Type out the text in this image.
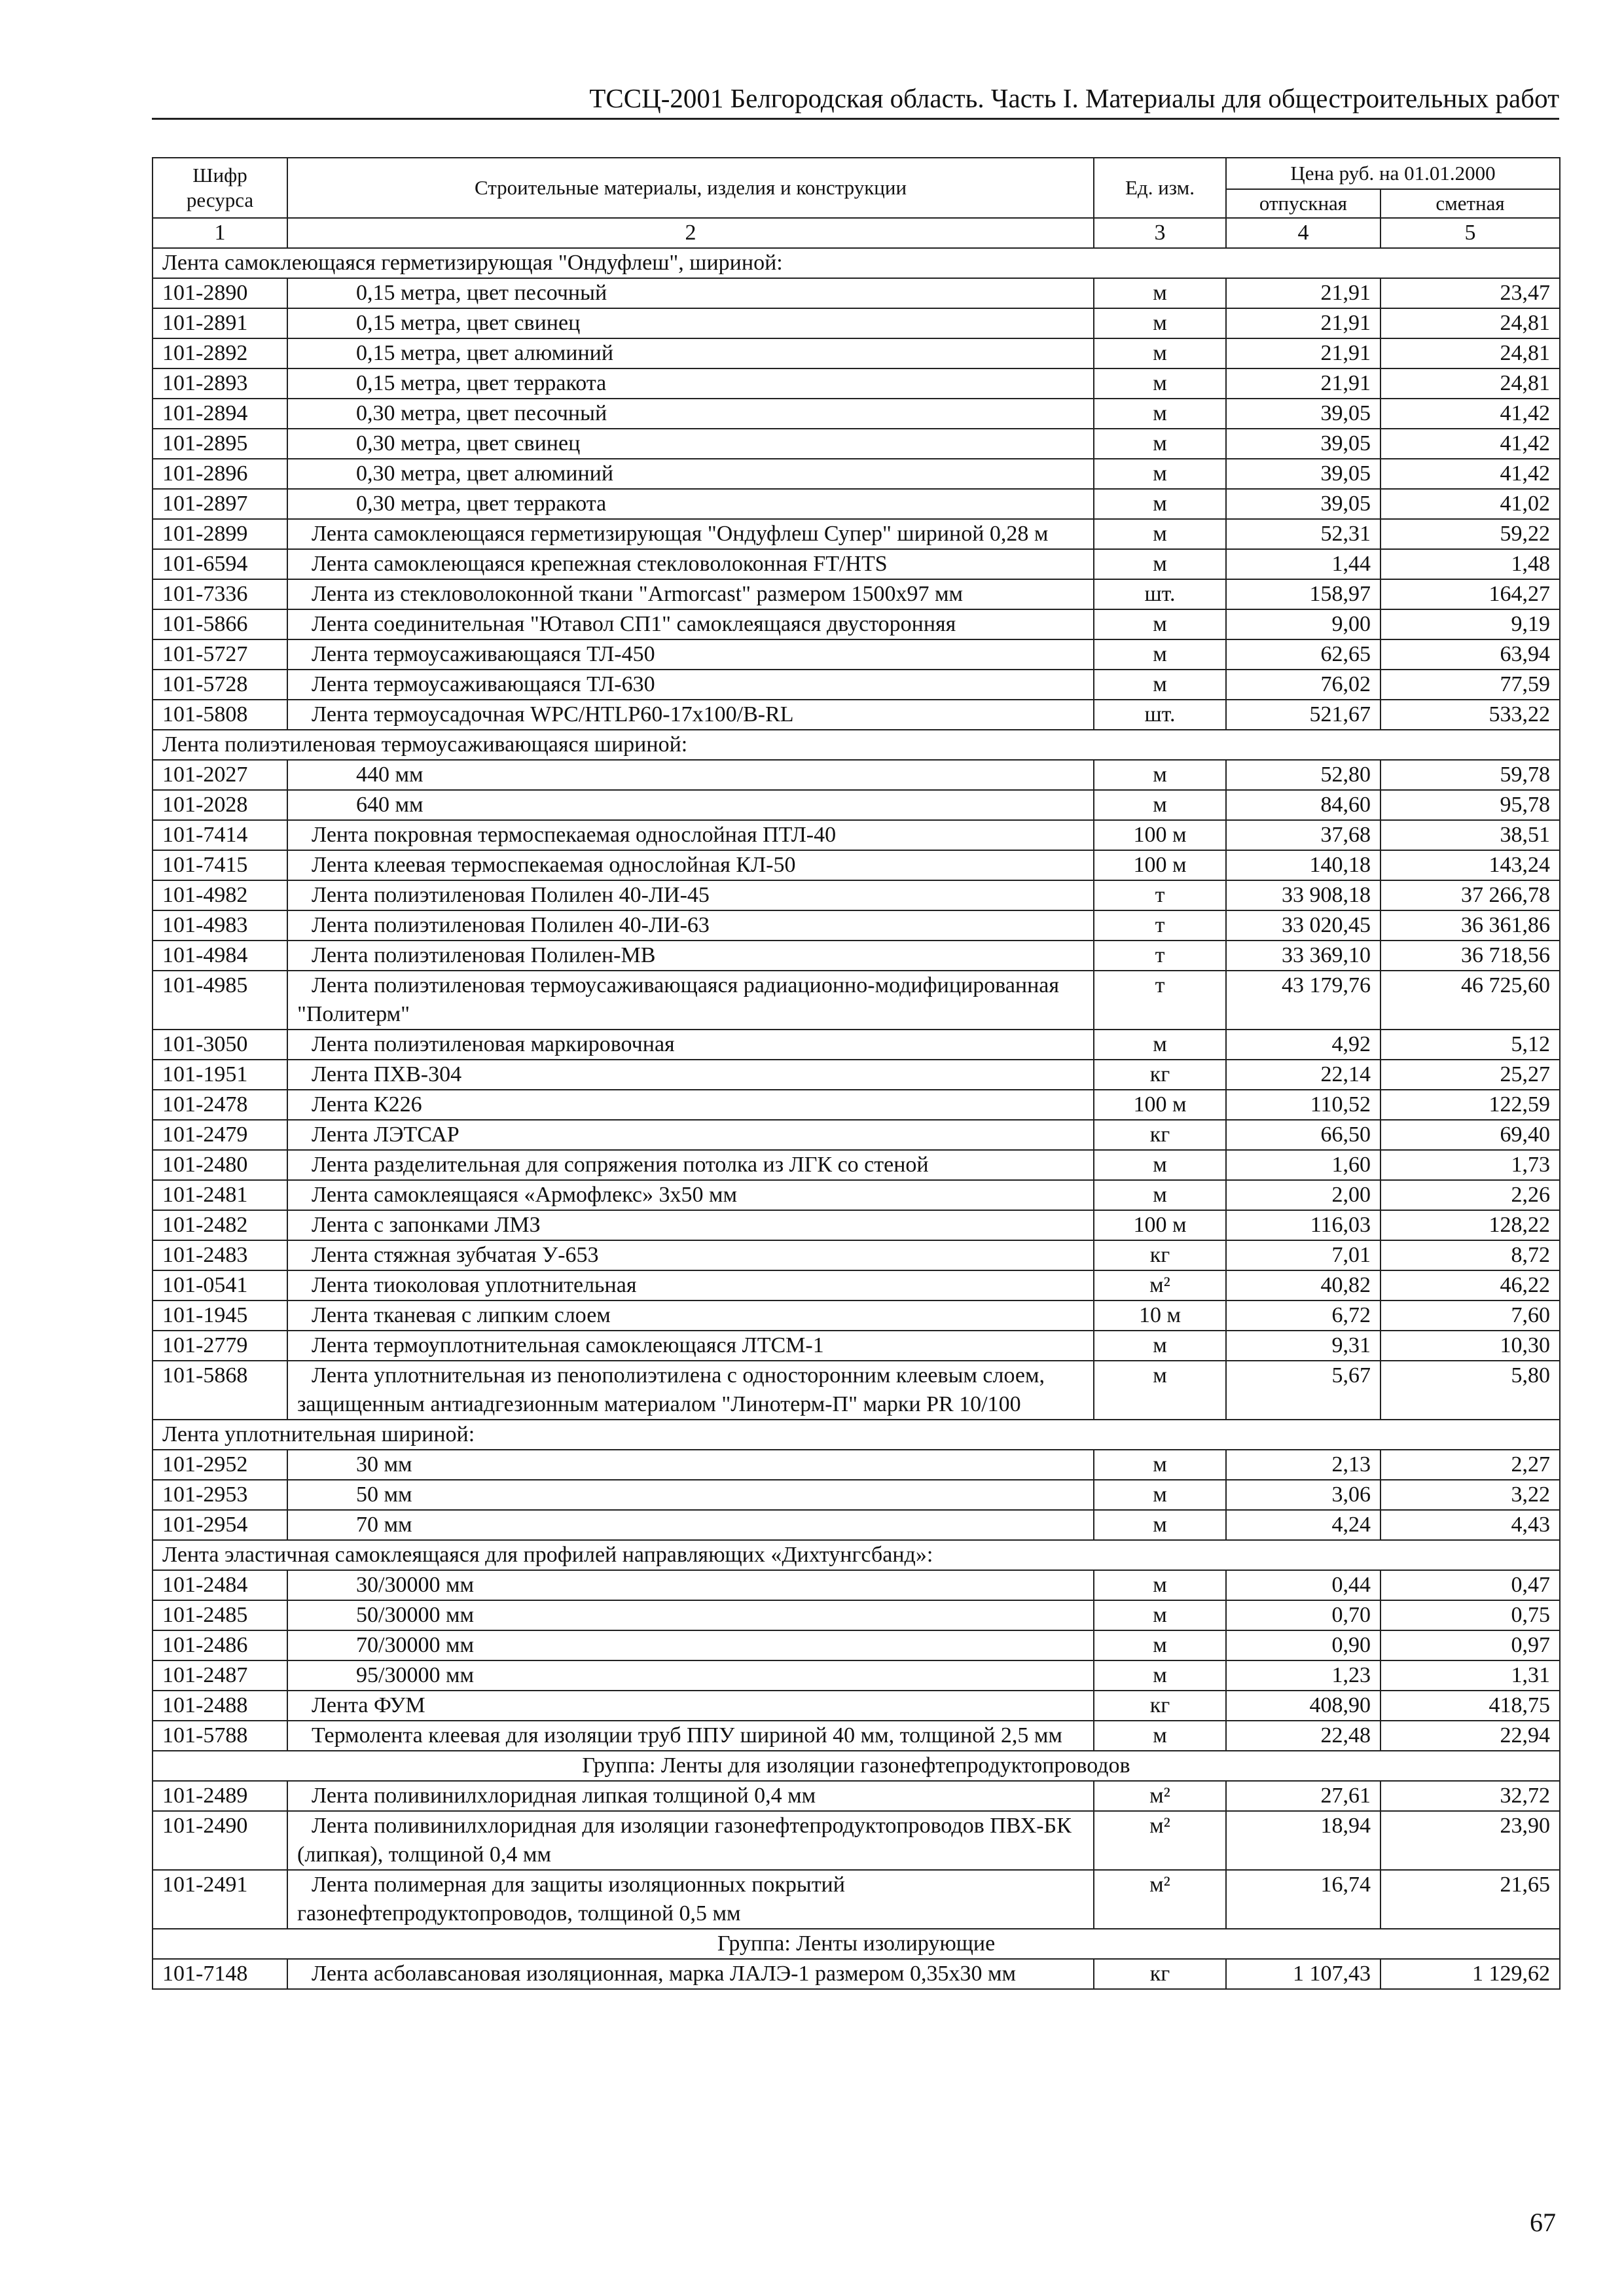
ТССЦ-2001 Белгородская область. Часть I. Материалы для общестроительных работ
Шифр ресурса	Строительные материалы, изделия и конструкции	Ед. изм.	Цена руб. на 01.01.2000	
			отпускная	сметная
1	2	3	4	5
Лента самоклеющаяся герметизирующая "Ондуфлеш", шириной:				
101-2890	0,15 метра, цвет песочный	м	21,91	23,47
101-2891	0,15 метра, цвет свинец	м	21,91	24,81
101-2892	0,15 метра, цвет алюминий	м	21,91	24,81
101-2893	0,15 метра, цвет терракота	м	21,91	24,81
101-2894	0,30 метра, цвет песочный	м	39,05	41,42
101-2895	0,30 метра, цвет свинец	м	39,05	41,42
101-2896	0,30 метра, цвет алюминий	м	39,05	41,42
101-2897	0,30 метра, цвет терракота	м	39,05	41,02
101-2899	Лента самоклеющаяся герметизирующая "Ондуфлеш Супер" шириной 0,28 м	м	52,31	59,22
101-6594	Лента самоклеющаяся крепежная стекловолоконная FT/HTS	м	1,44	1,48
101-7336	Лента из стекловолоконной ткани "Armorcast" размером 1500х97 мм	шт.	158,97	164,27
101-5866	Лента соединительная "Ютавол СП1" самоклеящаяся двусторонняя	м	9,00	9,19
101-5727	Лента термоусаживающаяся ТЛ-450	м	62,65	63,94
101-5728	Лента термоусаживающаяся ТЛ-630	м	76,02	77,59
101-5808	Лента термоусадочная WPC/HTLP60-17x100/B-RL	шт.	521,67	533,22
Лента полиэтиленовая термоусаживающаяся шириной:				
101-2027	440 мм	м	52,80	59,78
101-2028	640 мм	м	84,60	95,78
101-7414	Лента покровная термоспекаемая однослойная ПТЛ-40	100 м	37,68	38,51
101-7415	Лента клеевая термоспекаемая однослойная КЛ-50	100 м	140,18	143,24
101-4982	Лента полиэтиленовая Полилен 40-ЛИ-45	т	33 908,18	37 266,78
101-4983	Лента полиэтиленовая Полилен 40-ЛИ-63	т	33 020,45	36 361,86
101-4984	Лента полиэтиленовая Полилен-МВ	т	33 369,10	36 718,56
101-4985	Лента полиэтиленовая термоусаживающаяся радиационно-модифицированная "Политерм"	т	43 179,76	46 725,60
101-3050	Лента полиэтиленовая маркировочная	м	4,92	5,12
101-1951	Лента ПХВ-304	кг	22,14	25,27
101-2478	Лента К226	100 м	110,52	122,59
101-2479	Лента ЛЭТСАР	кг	66,50	69,40
101-2480	Лента разделительная для сопряжения потолка из ЛГК со стеной	м	1,60	1,73
101-2481	Лента самоклеящаяся «Армофлекс» 3х50 мм	м	2,00	2,26
101-2482	Лента с запонками ЛМЗ	100 м	116,03	128,22
101-2483	Лента стяжная зубчатая У-653	кг	7,01	8,72
101-0541	Лента тиоколовая уплотнительная	м²	40,82	46,22
101-1945	Лента тканевая с липким слоем	10 м	6,72	7,60
101-2779	Лента термоуплотнительная самоклеющаяся ЛТСМ-1	м	9,31	10,30
101-5868	Лента уплотнительная из пенополиэтилена с односторонним клеевым слоем, защищенным антиадгезионным материалом "Линотерм-П" марки PR 10/100	м	5,67	5,80
Лента уплотнительная шириной:				
101-2952	30 мм	м	2,13	2,27
101-2953	50 мм	м	3,06	3,22
101-2954	70 мм	м	4,24	4,43
Лента эластичная самоклеящаяся для профилей направляющих «Дихтунгсбанд»:				
101-2484	30/30000 мм	м	0,44	0,47
101-2485	50/30000 мм	м	0,70	0,75
101-2486	70/30000 мм	м	0,90	0,97
101-2487	95/30000 мм	м	1,23	1,31
101-2488	Лента ФУМ	кг	408,90	418,75
101-5788	Термолента клеевая для изоляции труб ППУ шириной 40 мм, толщиной 2,5 мм	м	22,48	22,94
Группа: Ленты для изоляции газонефтепродуктопроводов				
101-2489	Лента поливинилхлоридная липкая толщиной 0,4 мм	м²	27,61	32,72
101-2490	Лента поливинилхлоридная для изоляции газонефтепродуктопроводов ПВХ-БК (липкая), толщиной 0,4 мм	м²	18,94	23,90
101-2491	Лента полимерная для защиты изоляционных покрытий газонефтепродуктопроводов, толщиной 0,5 мм	м²	16,74	21,65
Группа: Ленты изолирующие				
101-7148	Лента асболавсановая изоляционная, марка ЛАЛЭ-1 размером 0,35х30 мм	кг	1 107,43	1 129,62
67
